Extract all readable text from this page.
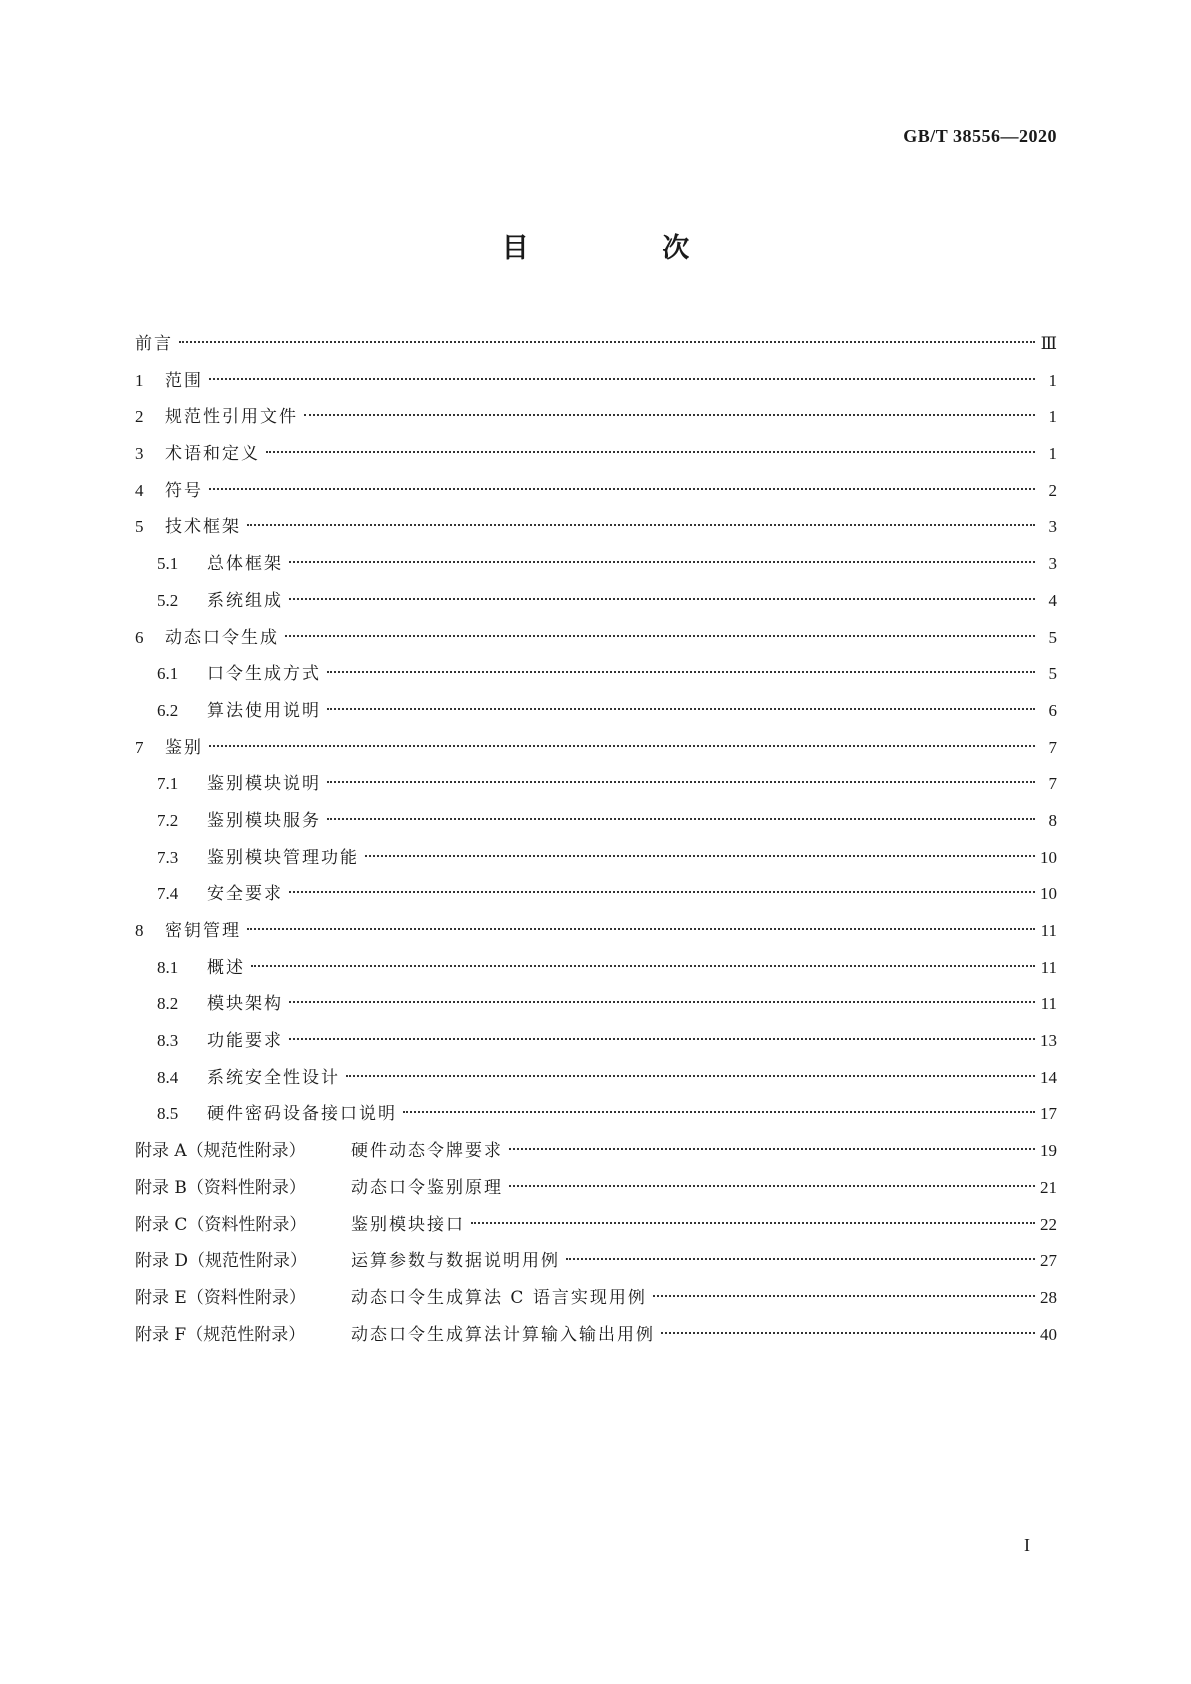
GB/T 38556—2020
目 次
前言	Ⅲ
1	范围	1
2	规范性引用文件	1
3	术语和定义	1
4	符号	2
5	技术框架	3
5.1	总体框架	3
5.2	系统组成	4
6	动态口令生成	5
6.1	口令生成方式	5
6.2	算法使用说明	6
7	鉴别	7
7.1	鉴别模块说明	7
7.2	鉴别模块服务	8
7.3	鉴别模块管理功能	10
7.4	安全要求	10
8	密钥管理	11
8.1	概述	11
8.2	模块架构	11
8.3	功能要求	13
8.4	系统安全性设计	14
8.5	硬件密码设备接口说明	17
附录 A（规范性附录）	硬件动态令牌要求	19
附录 B（资料性附录）	动态口令鉴别原理	21
附录 C（资料性附录）	鉴别模块接口	22
附录 D（规范性附录）	运算参数与数据说明用例	27
附录 E（资料性附录）	动态口令生成算法 C 语言实现用例	28
附录 F（规范性附录）	动态口令生成算法计算输入输出用例	40
I
